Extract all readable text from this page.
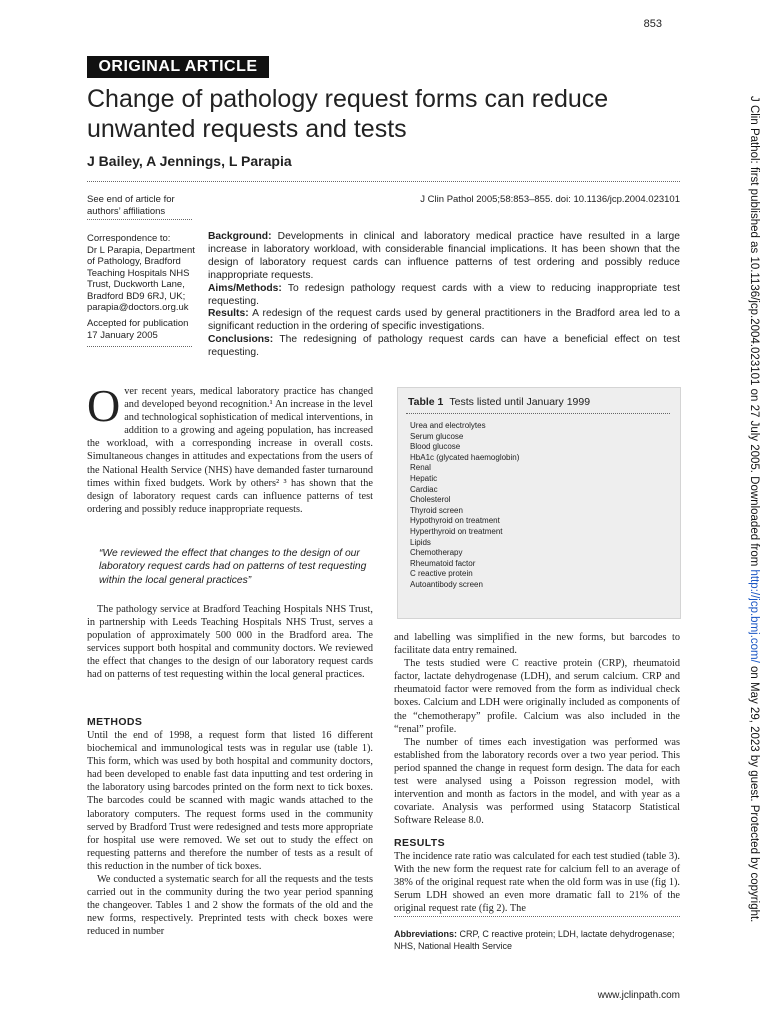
853
ORIGINAL ARTICLE
Change of pathology request forms can reduce unwanted requests and tests
J Bailey, A Jennings, L Parapia
See end of article for authors’ affiliations
Correspondence to:
Dr L Parapia, Department of Pathology, Bradford Teaching Hospitals NHS Trust, Duckworth Lane, Bradford BD9 6RJ, UK;
parapia@doctors.org.uk
Accepted for publication
17 January 2005
J Clin Pathol 2005;58:853–855. doi: 10.1136/jcp.2004.023101

Background: Developments in clinical and laboratory medical practice have resulted in a large increase in laboratory workload, with considerable financial implications. It has been shown that the design of laboratory request cards can influence patterns of test ordering and possibly reduce inappropriate requests.

Aims/Methods: To redesign pathology request cards with a view to reducing inappropriate test requesting.

Results: A redesign of the request cards used by general practitioners in the Bradford area led to a significant reduction in the ordering of specific investigations.

Conclusions: The redesigning of pathology request cards can have a beneficial effect on test requesting.

Over recent years, medical laboratory practice has changed and developed beyond recognition.¹ An increase in the level and technological sophistication of medical interventions, in addition to a growing and ageing population, has increased the workload, with a corresponding increase in overall costs. Simultaneous changes in attitudes and expectations from the users of the National Health Service (NHS) have demanded faster turnaround times within fixed budgets. Work by others² ³ has shown that the design of laboratory request cards can influence patterns of test ordering and possibly reduce inappropriate requests.
“We reviewed the effect that changes to the design of our laboratory request cards had on patterns of test requesting within the local general practices”

The pathology service at Bradford Teaching Hospitals NHS Trust, in partnership with Leeds Teaching Hospitals NHS Trust, serves a population of approximately 500 000 in the Bradford area. The services support both hospital and community doctors. We reviewed the effect that changes to the design of our laboratory request cards had on patterns of test requesting within the local general practices.

METHODS

Until the end of 1998, a request form that listed 16 different biochemical and immunological tests was in regular use (table 1). This form, which was used by both hospital and community doctors, had been developed to enable fast data inputting and test ordering in the laboratory using barcodes printed on the form next to tick boxes. The barcodes could be scanned with magic wands attached to the laboratory computers. The request forms used in the community served by Bradford Trust were redesigned and tests more appropriate for hospital use were removed. We set out to study the effect on requesting patterns and therefore the number of tests as a result of this reduction in the number of tick boxes.

We conducted a systematic search for all the requests and the tests carried out in the community during the two year period spanning the changeover. Tables 1 and 2 show the formats of the old and the new forms, respectively. Preprinted tests with check boxes were reduced in number

Table 1 Tests listed until January 1999
Urea and electrolytes
Serum glucose
Blood glucose
HbA1c (glycated haemoglobin)
Renal
Hepatic
Cardiac
Cholesterol
Thyroid screen
Hypothyroid on treatment
Hyperthyroid on treatment
Lipids
Chemotherapy
Rheumatoid factor
C reactive protein
Autoantibody screen

and labelling was simplified in the new forms, but barcodes to facilitate data entry remained.

The tests studied were C reactive protein (CRP), rheumatoid factor, lactate dehydrogenase (LDH), and serum calcium. CRP and rheumatoid factor were removed from the form as individual check boxes. Calcium and LDH were originally included as components of the “chemotherapy” profile. Calcium was also included in the “renal” profile.

The number of times each investigation was performed was established from the laboratory records over a two year period. This period spanned the change in request form design. The data for each test were analysed using a Poisson regression model, with intervention and month as factors in the model, and with year as a covariate. Analysis was performed using Statacorp Statistical Software Release 8.0.

RESULTS

The incidence rate ratio was calculated for each test studied (table 3). With the new form the request rate for calcium fell to an average of 38% of the original request rate when the old form was in use (fig 1). Serum LDH showed an even more dramatic fall to 21% of the original request rate (fig 2). The

Abbreviations: CRP, C reactive protein; LDH, lactate dehydrogenase; NHS, National Health Service
www.jclinpath.com
J Clin Pathol: first published as 10.1136/jcp.2004.023101 on 27 July 2005. Downloaded from http://jcp.bmj.com/ on May 29, 2023 by guest. Protected by copyright.
